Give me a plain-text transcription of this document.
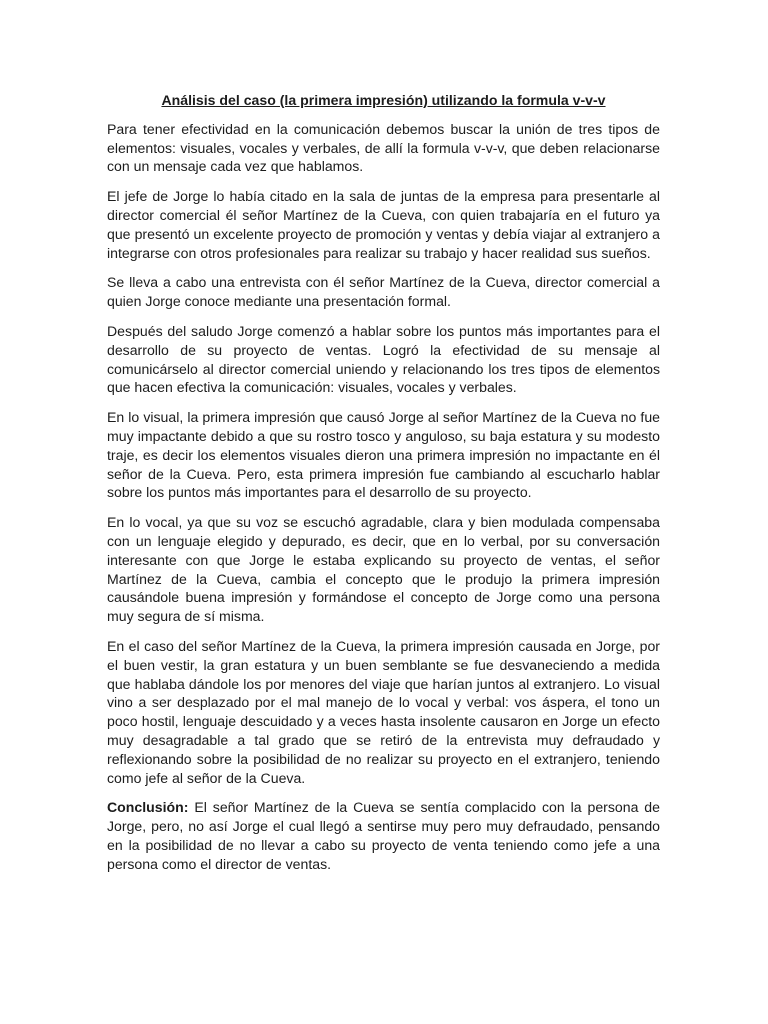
Análisis del caso (la primera impresión) utilizando la formula v-v-v

Para tener efectividad en la comunicación debemos buscar la unión de tres tipos de elementos: visuales, vocales y verbales, de allí la formula v-v-v, que deben relacionarse con un mensaje cada vez que hablamos.

El jefe de Jorge lo había citado en la sala de juntas de la empresa para presentarle al director comercial él señor Martínez de la Cueva, con quien trabajaría en el futuro ya que presentó un excelente proyecto de promoción y ventas y debía viajar al extranjero a integrarse con otros profesionales para realizar su trabajo y hacer realidad sus sueños.

Se lleva a cabo una entrevista con él señor Martínez de la Cueva, director comercial a quien Jorge conoce mediante una presentación formal.

Después del saludo Jorge comenzó a hablar sobre los puntos más importantes para el desarrollo de su proyecto de ventas. Logró la efectividad de su mensaje al comunicárselo al director comercial uniendo y relacionando los tres tipos de elementos que hacen efectiva la comunicación: visuales, vocales y verbales.

En lo visual, la primera impresión que causó Jorge al señor Martínez de la Cueva no fue muy impactante debido a que su rostro tosco y anguloso, su baja estatura y su modesto traje, es decir los elementos visuales dieron una primera impresión no impactante en él señor de la Cueva. Pero, esta primera impresión fue cambiando al escucharlo hablar sobre los puntos más importantes para el desarrollo de su proyecto.

En lo vocal, ya que su voz se escuchó agradable, clara y bien modulada compensaba con un lenguaje elegido y depurado, es decir, que en lo verbal, por su conversación interesante con que Jorge le estaba explicando su proyecto de ventas, el señor Martínez de la Cueva, cambia el concepto que le produjo la primera impresión causándole buena impresión y formándose el concepto de Jorge como una persona muy segura de sí misma.

En el caso del señor Martínez de la Cueva, la primera impresión causada en Jorge, por el buen vestir, la gran estatura y un buen semblante se fue desvaneciendo a medida que hablaba dándole los por menores del viaje que harían juntos al extranjero. Lo visual vino a ser desplazado por el mal manejo de lo vocal y verbal: vos áspera, el tono un poco hostil, lenguaje descuidado y a veces hasta insolente causaron en Jorge un efecto muy desagradable a tal grado que se retiró de la entrevista muy defraudado y reflexionando sobre la posibilidad de no realizar su proyecto en el extranjero, teniendo como jefe al señor de la Cueva.

Conclusión: El señor Martínez de la Cueva se sentía complacido con la persona de Jorge, pero, no así Jorge el cual llegó a sentirse muy pero muy defraudado, pensando en la posibilidad de no llevar a cabo su proyecto de venta teniendo como jefe a una persona como el director de ventas.
